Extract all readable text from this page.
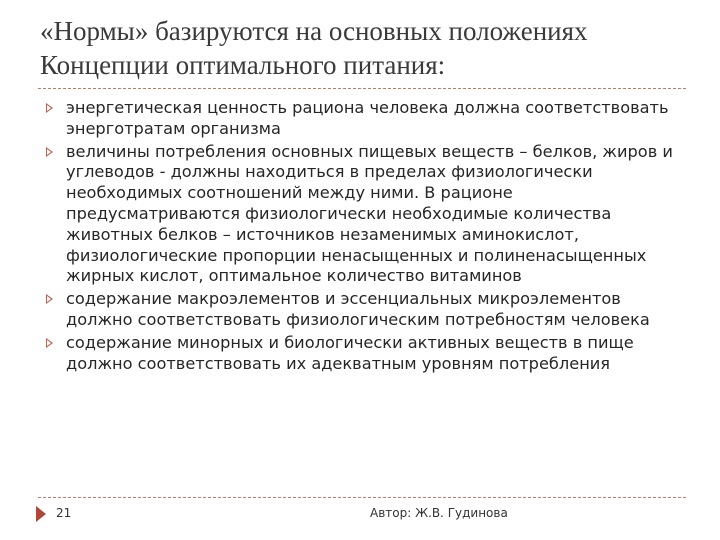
«Нормы» базируются на основных положениях Концепции оптимального питания:
энергетическая ценность рациона человека должна соответствовать энерготратам организма
величины потребления основных пищевых веществ – белков, жиров и углеводов - должны находиться в пределах физиологически необходимых соотношений между ними. В рационе предусматриваются физиологически необходимые количества животных белков – источников незаменимых аминокислот, физиологические пропорции ненасыщенных и полиненасыщенных жирных кислот, оптимальное количество витаминов
содержание макроэлементов и эссенциальных микроэлементов должно соответствовать физиологическим потребностям человека
содержание минорных и биологически активных веществ в пище должно соответствовать их адекватным уровням потребления
21	Автор: Ж.В. Гудинова
